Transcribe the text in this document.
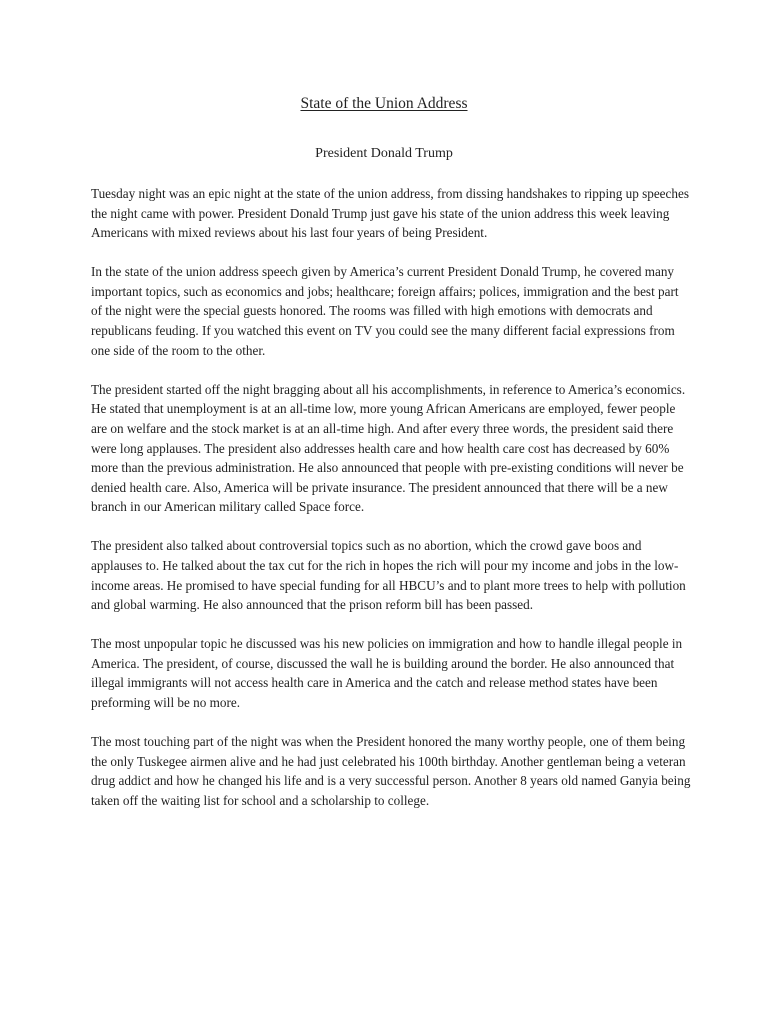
State of the Union Address
President Donald Trump

Tuesday night was an epic night at the state of the union address, from dissing handshakes to ripping up speeches the night came with power. President Donald Trump just gave his state of the union address this week leaving Americans with mixed reviews about his last four years of being President.

In the state of the union address speech given by America’s current President Donald Trump, he covered many important topics, such as economics and jobs; healthcare; foreign affairs; polices, immigration and the best part of the night were the special guests honored. The rooms was filled with high emotions with democrats and republicans feuding. If you watched this event on TV you could see the many different facial expressions from one side of the room to the other.

The president started off the night bragging about all his accomplishments, in reference to America’s economics. He stated that unemployment is at an all-time low, more young African Americans are employed, fewer people are on welfare and the stock market is at an all-time high. And after every three words, the president said there were long applauses. The president also addresses health care and how health care cost has decreased by 60% more than the previous administration. He also announced that people with pre-existing conditions will never be denied health care. Also, America will be private insurance. The president announced that there will be a new branch in our American military called Space force.

The president also talked about controversial topics such as no abortion, which the crowd gave boos and applauses to. He talked about the tax cut for the rich in hopes the rich will pour my income and jobs in the low-income areas. He promised to have special funding for all HBCU’s and to plant more trees to help with pollution and global warming. He also announced that the prison reform bill has been passed.

The most unpopular topic he discussed was his new policies on immigration and how to handle illegal people in America. The president, of course, discussed the wall he is building around the border. He also announced that illegal immigrants will not access health care in America and the catch and release method states have been preforming will be no more.

The most touching part of the night was when the President honored the many worthy people, one of them being the only Tuskegee airmen alive and he had just celebrated his 100th birthday. Another gentleman being a veteran drug addict and how he changed his life and is a very successful person. Another 8 years old named Ganyia being taken off the waiting list for school and a scholarship to college.
